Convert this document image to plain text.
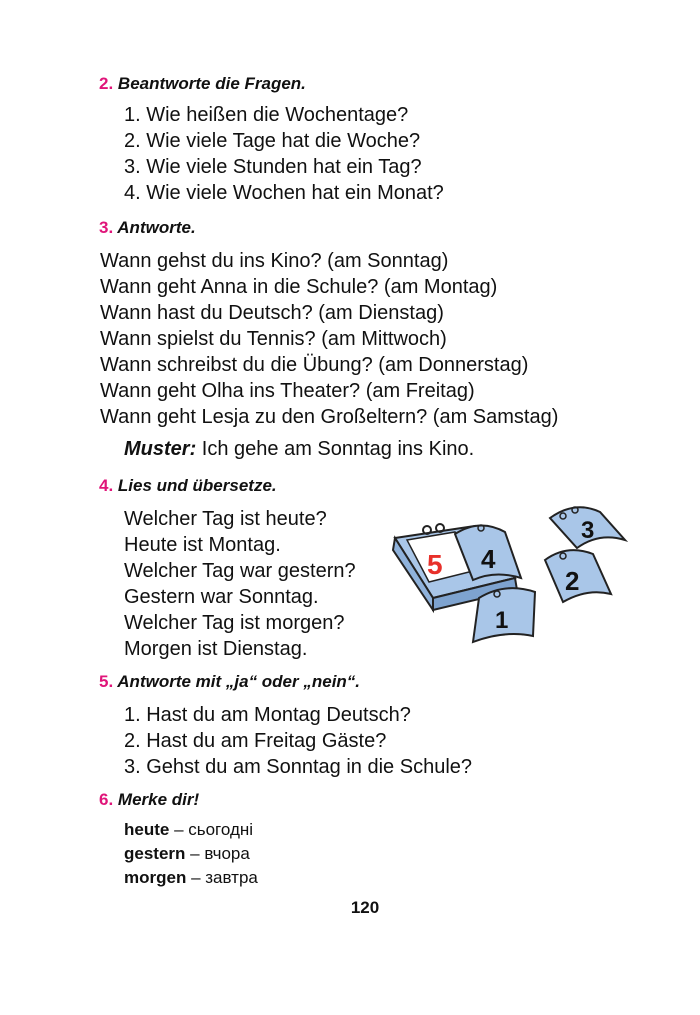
2. Beantworte die Fragen.
1. Wie heißen die Wochentage?
2. Wie viele Tage hat die Woche?
3. Wie viele Stunden hat ein Tag?
4. Wie viele Wochen hat ein Monat?
3. Antworte.
Wann gehst du ins Kino? (am Sonntag)
Wann geht Anna in die Schule? (am Montag)
Wann hast du Deutsch? (am Dienstag)
Wann spielst du Tennis? (am Mittwoch)
Wann schreibst du die Übung? (am Donnerstag)
Wann geht Olha ins Theater? (am Freitag)
Wann geht Lesja zu den Großeltern? (am Samstag)
Muster: Ich gehe am Sonntag ins Kino.
4. Lies und übersetze.
Welcher Tag ist heute?
Heute ist Montag.
Welcher Tag war gestern?
Gestern war Sonntag.
Welcher Tag ist morgen?
Morgen ist Dienstag.
5 4
3
2
1
5. Antworte mit „ja“ oder „nein“.
1. Hast du am Montag Deutsch?
2. Hast du am Freitag Gäste?
3. Gehst du am Sonntag in die Schule?
6. Merke dir!
heute – сьогодні
gestern – вчора
morgen – завтра
120
